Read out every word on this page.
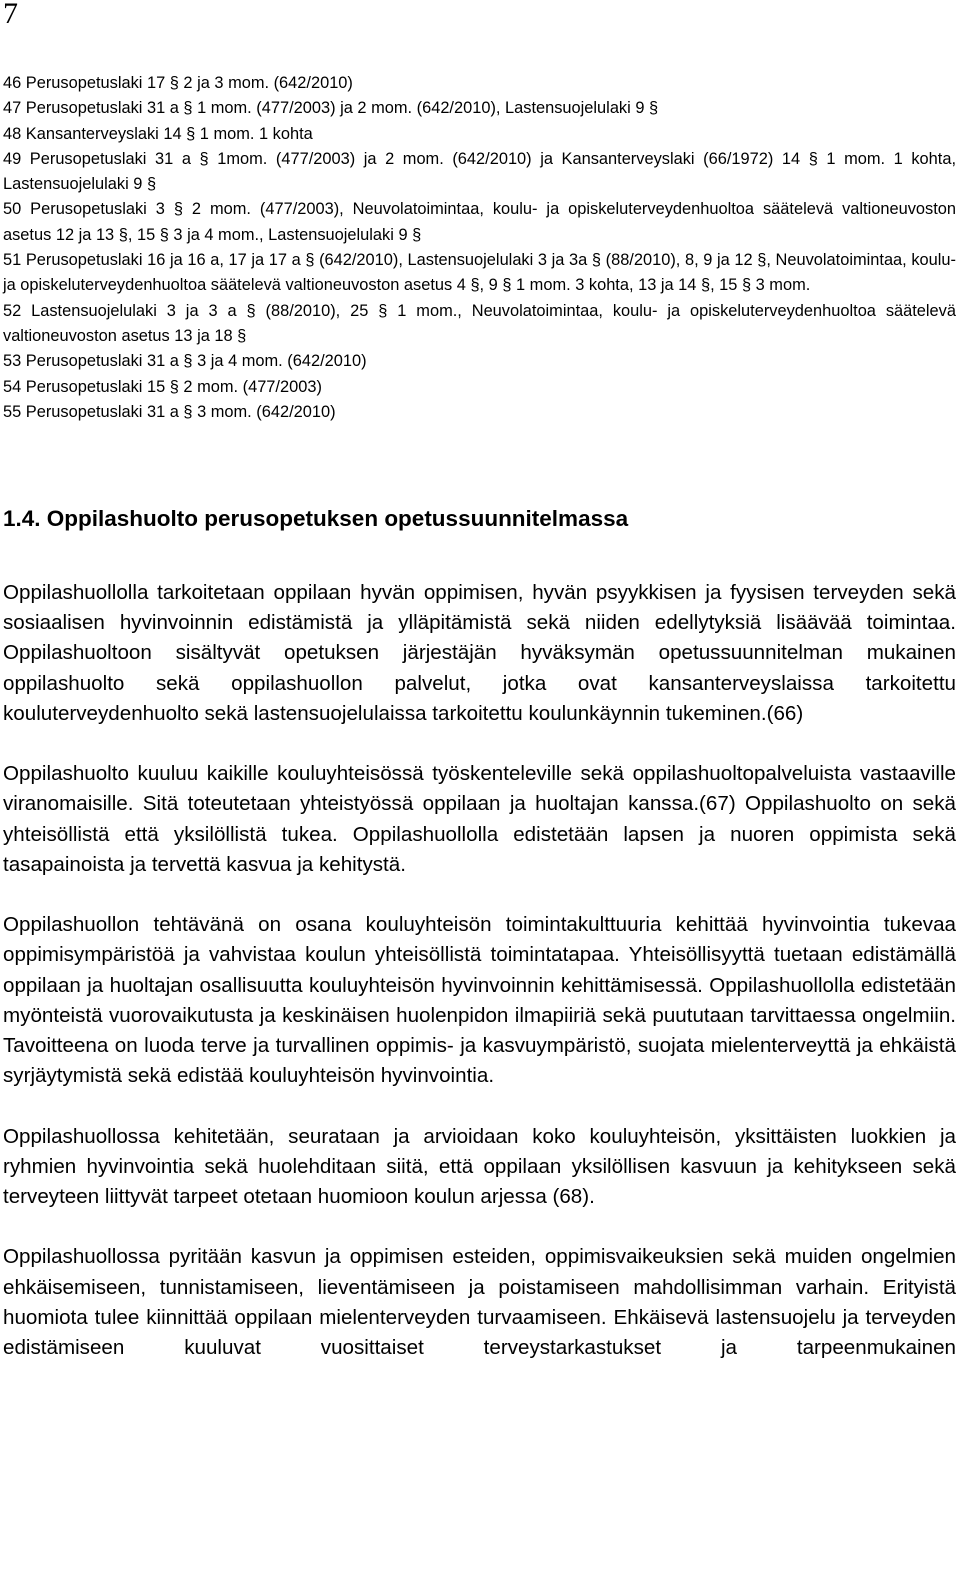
7

46 Perusopetuslaki 17 § 2 ja 3 mom. (642/2010)

47 Perusopetuslaki 31 a § 1 mom. (477/2003) ja 2 mom. (642/2010), Lastensuojelulaki 9 §

48 Kansanterveyslaki 14 § 1 mom. 1 kohta

49 Perusopetuslaki 31 a § 1mom. (477/2003) ja 2 mom. (642/2010) ja Kansanterveyslaki (66/1972) 14 § 1 mom. 1 kohta, Lastensuojelulaki 9 §

50 Perusopetuslaki 3 § 2 mom. (477/2003), Neuvolatoimintaa, koulu- ja opiskeluterveydenhuoltoa säätelevä valtioneuvoston asetus 12 ja 13 §, 15 § 3 ja 4 mom., Lastensuojelulaki 9 §

51 Perusopetuslaki 16 ja 16 a, 17 ja 17 a § (642/2010), Lastensuojelulaki 3 ja 3a § (88/2010), 8, 9 ja 12 §, Neuvolatoimintaa, koulu- ja opiskeluterveydenhuoltoa säätelevä valtioneuvoston asetus 4 §, 9 § 1 mom. 3 kohta, 13 ja 14 §, 15 § 3 mom.

52 Lastensuojelulaki 3 ja 3 a § (88/2010), 25 § 1 mom., Neuvolatoimintaa, koulu- ja opiskeluterveydenhuoltoa säätelevä valtioneuvoston asetus 13 ja 18 §

53 Perusopetuslaki 31 a § 3 ja 4 mom. (642/2010)

54 Perusopetuslaki 15 § 2 mom. (477/2003)

55 Perusopetuslaki 31 a § 3 mom. (642/2010)

1.4. Oppilashuolto perusopetuksen opetussuunnitelmassa

Oppilashuollolla tarkoitetaan oppilaan hyvän oppimisen, hyvän psyykkisen ja fyysisen terveyden sekä sosiaalisen hyvinvoinnin edistämistä ja ylläpitämistä sekä niiden edellytyksiä lisäävää toimintaa. Oppilashuoltoon sisältyvät opetuksen järjestäjän hyväksymän opetussuunnitelman mukainen oppilashuolto sekä oppilashuollon palvelut, jotka ovat kansanterveyslaissa tarkoitettu kouluterveydenhuolto sekä lastensuojelulaissa tarkoitettu koulunkäynnin tukeminen.(66)

Oppilashuolto kuuluu kaikille kouluyhteisössä työskenteleville sekä oppilashuoltopalveluista vastaaville viranomaisille. Sitä toteutetaan yhteistyössä oppilaan ja huoltajan kanssa.(67) Oppilashuolto on sekä yhteisöllistä että yksilöllistä tukea. Oppilashuollolla edistetään lapsen ja nuoren oppimista sekä tasapainoista ja tervettä kasvua ja kehitystä.

Oppilashuollon tehtävänä on osana kouluyhteisön toimintakulttuuria kehittää hyvinvointia tukevaa oppimisympäristöä ja vahvistaa koulun yhteisöllistä toimintatapaa. Yhteisöllisyyttä tuetaan edistämällä oppilaan ja huoltajan osallisuutta kouluyhteisön hyvinvoinnin kehittämisessä. Oppilashuollolla edistetään myönteistä vuorovaikutusta ja keskinäisen huolenpidon ilmapiiriä sekä puututaan tarvittaessa ongelmiin. Tavoitteena on luoda terve ja turvallinen oppimis- ja kasvuympäristö, suojata mielenterveyttä ja ehkäistä syrjäytymistä sekä edistää kouluyhteisön hyvinvointia.

Oppilashuollossa kehitetään, seurataan ja arvioidaan koko kouluyhteisön, yksittäisten luokkien ja ryhmien hyvinvointia sekä huolehditaan siitä, että oppilaan yksilöllisen kasvuun ja kehitykseen sekä terveyteen liittyvät tarpeet otetaan huomioon koulun arjessa (68).

Oppilashuollossa pyritään kasvun ja oppimisen esteiden, oppimisvaikeuksien sekä muiden ongelmien ehkäisemiseen, tunnistamiseen, lieventämiseen ja poistamiseen mahdollisimman varhain. Erityistä huomiota tulee kiinnittää oppilaan mielenterveyden turvaamiseen. Ehkäisevä lastensuojelu ja terveyden edistämiseen kuuluvat vuosittaiset terveystarkastukset ja tarpeenmukainen
